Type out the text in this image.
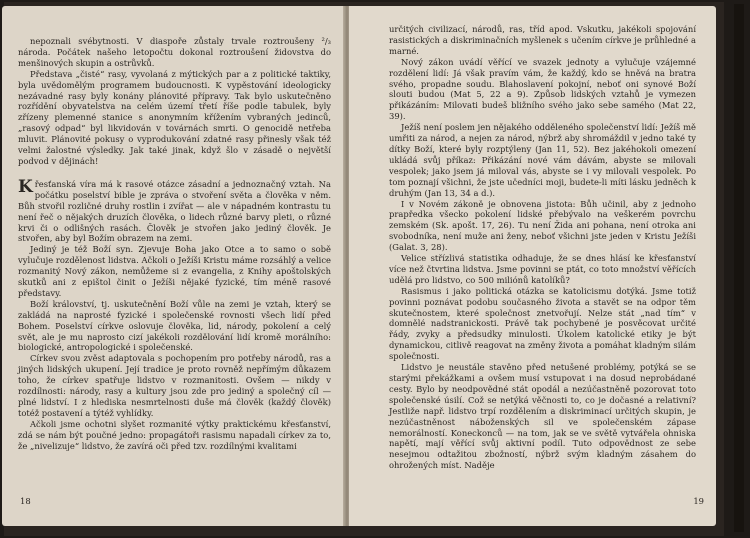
nepoznali svébytnosti. V diaspoře zůstaly trvale roztroušeny ²/₃ národa. Počátek našeho letopočtu dokonal roztroušení židovstva do menšinových skupin a ostrůvků.

Představa „čisté“ rasy, vyvolaná z mýtických par a z politické taktiky, byla uvědomělým programem budoucnosti. K vypěstování ideologicky nezávadné rasy byly konány plánovité přípravy. Tak bylo uskutečněno rozřídění obyvatelstva na celém území třetí říše podle tabulek, byly zřízeny plemenné stanice s anonymním křížením vybraných jedinců, „rasový odpad“ byl likvidován v továrnách smrti. O genocidě netřeba mluvit. Plánovité pokusy o vyprodukování zdatné rasy přinesly však též velmi žalostné výsledky. Jak také jinak, když šlo v zásadě o největší podvod v dějinách!

Křesťanská víra má k rasové otázce zásadní a jednoznačný vztah. Na počátku poselství bible je zpráva o stvoření světa a člověka v něm. Bůh stvořil rozličné druhy rostlin i zvířat — ale v nápadném kontrastu tu není řeč o nějakých druzích člověka, o lidech různé barvy pleti, o různé krvi či o odlišných rasách. Člověk je stvořen jako jediný člověk. Je stvořen, aby byl Božím obrazem na zemi.

Jediný je též Boží syn. Zjevuje Boha jako Otce a to samo o sobě vylučuje rozdělenost lidstva. Ačkoli o Ježíši Kristu máme rozsáhlý a velice rozmanitý Nový zákon, nemůžeme si z evangelia, z Knihy apoštolských skutků ani z epištol činit o Ježíši nějaké fyzické, tím méně rasové představy.

Boží království, tj. uskutečnění Boží vůle na zemi je vztah, který se zakládá na naprosté fyzické i společenské rovnosti všech lidí před Bohem. Poselství církve oslovuje člověka, lid, národy, pokolení a celý svět, ale je mu naprosto cizí jakékoli rozdělování lidí kromě morálního: biologické, antropologické i společenské.

Církev svou zvěst adaptovala s pochopením pro potřeby národů, ras a jiných lidských ukupení. Její tradice je proto rovněž nepřímým důkazem toho, že církev spatřuje lidstvo v rozmanitosti. Ovšem — nikdy v rozdílnosti: národy, rasy a kultury jsou zde pro jediný a společný cíl — plné lidství. I z hlediska nesmrtelnosti duše má člověk (každý člověk) totéž postavení a týtéž vyhlídky.

Ačkoli jsme ochotni slyšet rozmanité výtky praktickému křesťanství, zdá se nám být poučné jedno: propagátoři rasismu napadali církev za to, že „nivelizuje“ lidstvo, že zavírá oči před tzv. rozdílnými kvalitami

18

určitých civilizací, národů, ras, tříd apod. Vskutku, jakékoli spojování rasistických a diskriminačních myšlenek s učením církve je průhledné a marné.

Nový zákon uvádí věřící ve svazek jednoty a vylučuje vzájemné rozdělení lidí: Já však pravím vám, že každý, kdo se hněvá na bratra svého, propadne soudu. Blahoslavení pokojní, neboť oni synové Boží slouti budou (Mat 5, 22 a 9). Způsob lidských vztahů je vymezen přikázáním: Milovati budeš bližního svého jako sebe samého (Mat 22, 39).

Ježíš není poslem jen nějakého odděleného společenství lidí: Ježíš mě umřiti za národ, a nejen za národ, nýbrž aby shromáždil v jedno také ty dítky Boží, které byly rozptýleny (Jan 11, 52). Bez jakéhokoli omezení ukládá svůj příkaz: Přikázání nové vám dávám, abyste se milovali vespolek; jako jsem já miloval vás, abyste se i vy milovali vespolek. Po tom poznají všichni, že jste učedníci moji, budete-li míti lásku jedněch k druhým (Jan 13, 34 a d.).

I v Novém zákoně je obnovena jistota: Bůh učinil, aby z jednoho prapředka všecko pokolení lidské přebývalo na veškerém povrchu zemském (Sk. apošt. 17, 26). Tu není Žida ani pohana, není otroka ani svobodníka, není muže ani ženy, neboť všichni jste jeden v Kristu Ježíši (Galat. 3, 28).

Velice střízlivá statistika odhaduje, že se dnes hlásí ke křesťanství více než čtvrtina lidstva. Jsme povinni se ptát, co toto množství věřících udělá pro lidstvo, co 500 miliónů katolíků?

Rasismus i jako politická otázka se katolicismu dotýká. Jsme totiž povinni poznávat podobu současného života a stavět se na odpor těm skutečnostem, které společnost znetvořují. Nelze stát „nad tím“ v domnělé nadstranickosti. Právě tak pochybené je posvěcovat určité řády, zvyky a předsudky minulosti. Úkolem katolické etiky je být dynamickou, citlivě reagovat na změny života a pomáhat kladným silám společnosti.

Lidstvo je neustále stavěno před netušené problémy, potýká se se starými překážkami a ovšem musí vstupovat i na dosud neprobádané cesty. Bylo by neodpovědné stát opodál a nezúčastněně pozorovat toto společenské úsilí. Což se netýká věčnosti to, co je dočasné a relativní? Jestliže např. lidstvo trpí rozdělením a diskriminací určitých skupin, je nezúčastněnost náboženských sil ve společenském zápase nemorálností. Koneckonců — na tom, jak se ve světě vytvářela ohniska napětí, mají věřící svůj aktivní podíl. Tuto odpovědnost ze sebe nesejmou odtažitou zbožností, nýbrž svým kladným zásahem do ohrožených míst. Naděje

19
